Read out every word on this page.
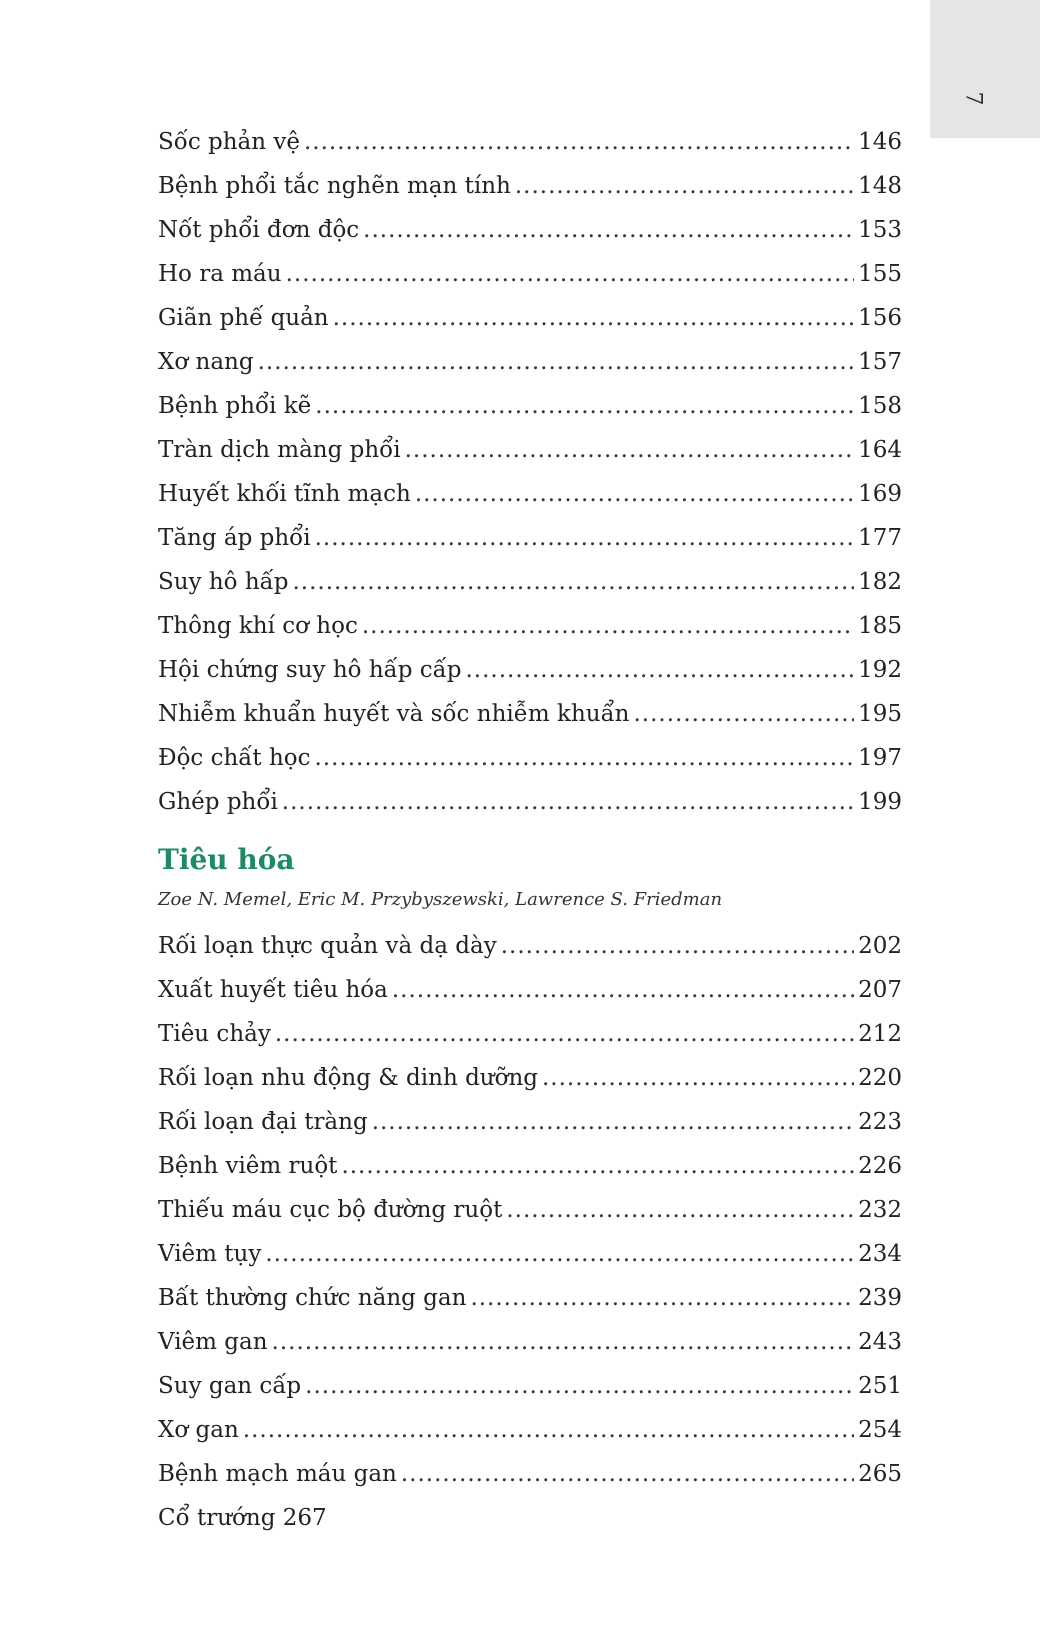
7
Sốc phản vệ .....	146
Bệnh phổi tắc nghẽn mạn tính .....	148
Nốt phổi đơn độc .....	153
Ho ra máu .....	155
Giãn phế quản .....	156
Xơ nang .....	157
Bệnh phổi kẽ .....	158
Tràn dịch màng phổi .....	164
Huyết khối tĩnh mạch .....	169
Tăng áp phổi .....	177
Suy hô hấp .....	182
Thông khí cơ học .....	185
Hội chứng suy hô hấp cấp .....	192
Nhiễm khuẩn huyết và sốc nhiễm khuẩn .....	195
Độc chất học .....	197
Ghép phổi .....	199
Tiêu hóa
Zoe N. Memel, Eric M. Przybyszewski, Lawrence S. Friedman
Rối loạn thực quản và dạ dày .....	202
Xuất huyết tiêu hóa .....	207
Tiêu chảy .....	212
Rối loạn nhu động & dinh dưỡng .....	220
Rối loạn đại tràng .....	223
Bệnh viêm ruột .....	226
Thiếu máu cục bộ đường ruột .....	232
Viêm tụy .....	234
Bất thường chức năng gan .....	239
Viêm gan .....	243
Suy gan cấp .....	251
Xơ gan .....	254
Bệnh mạch máu gan .....	265
Cổ trướng 267
